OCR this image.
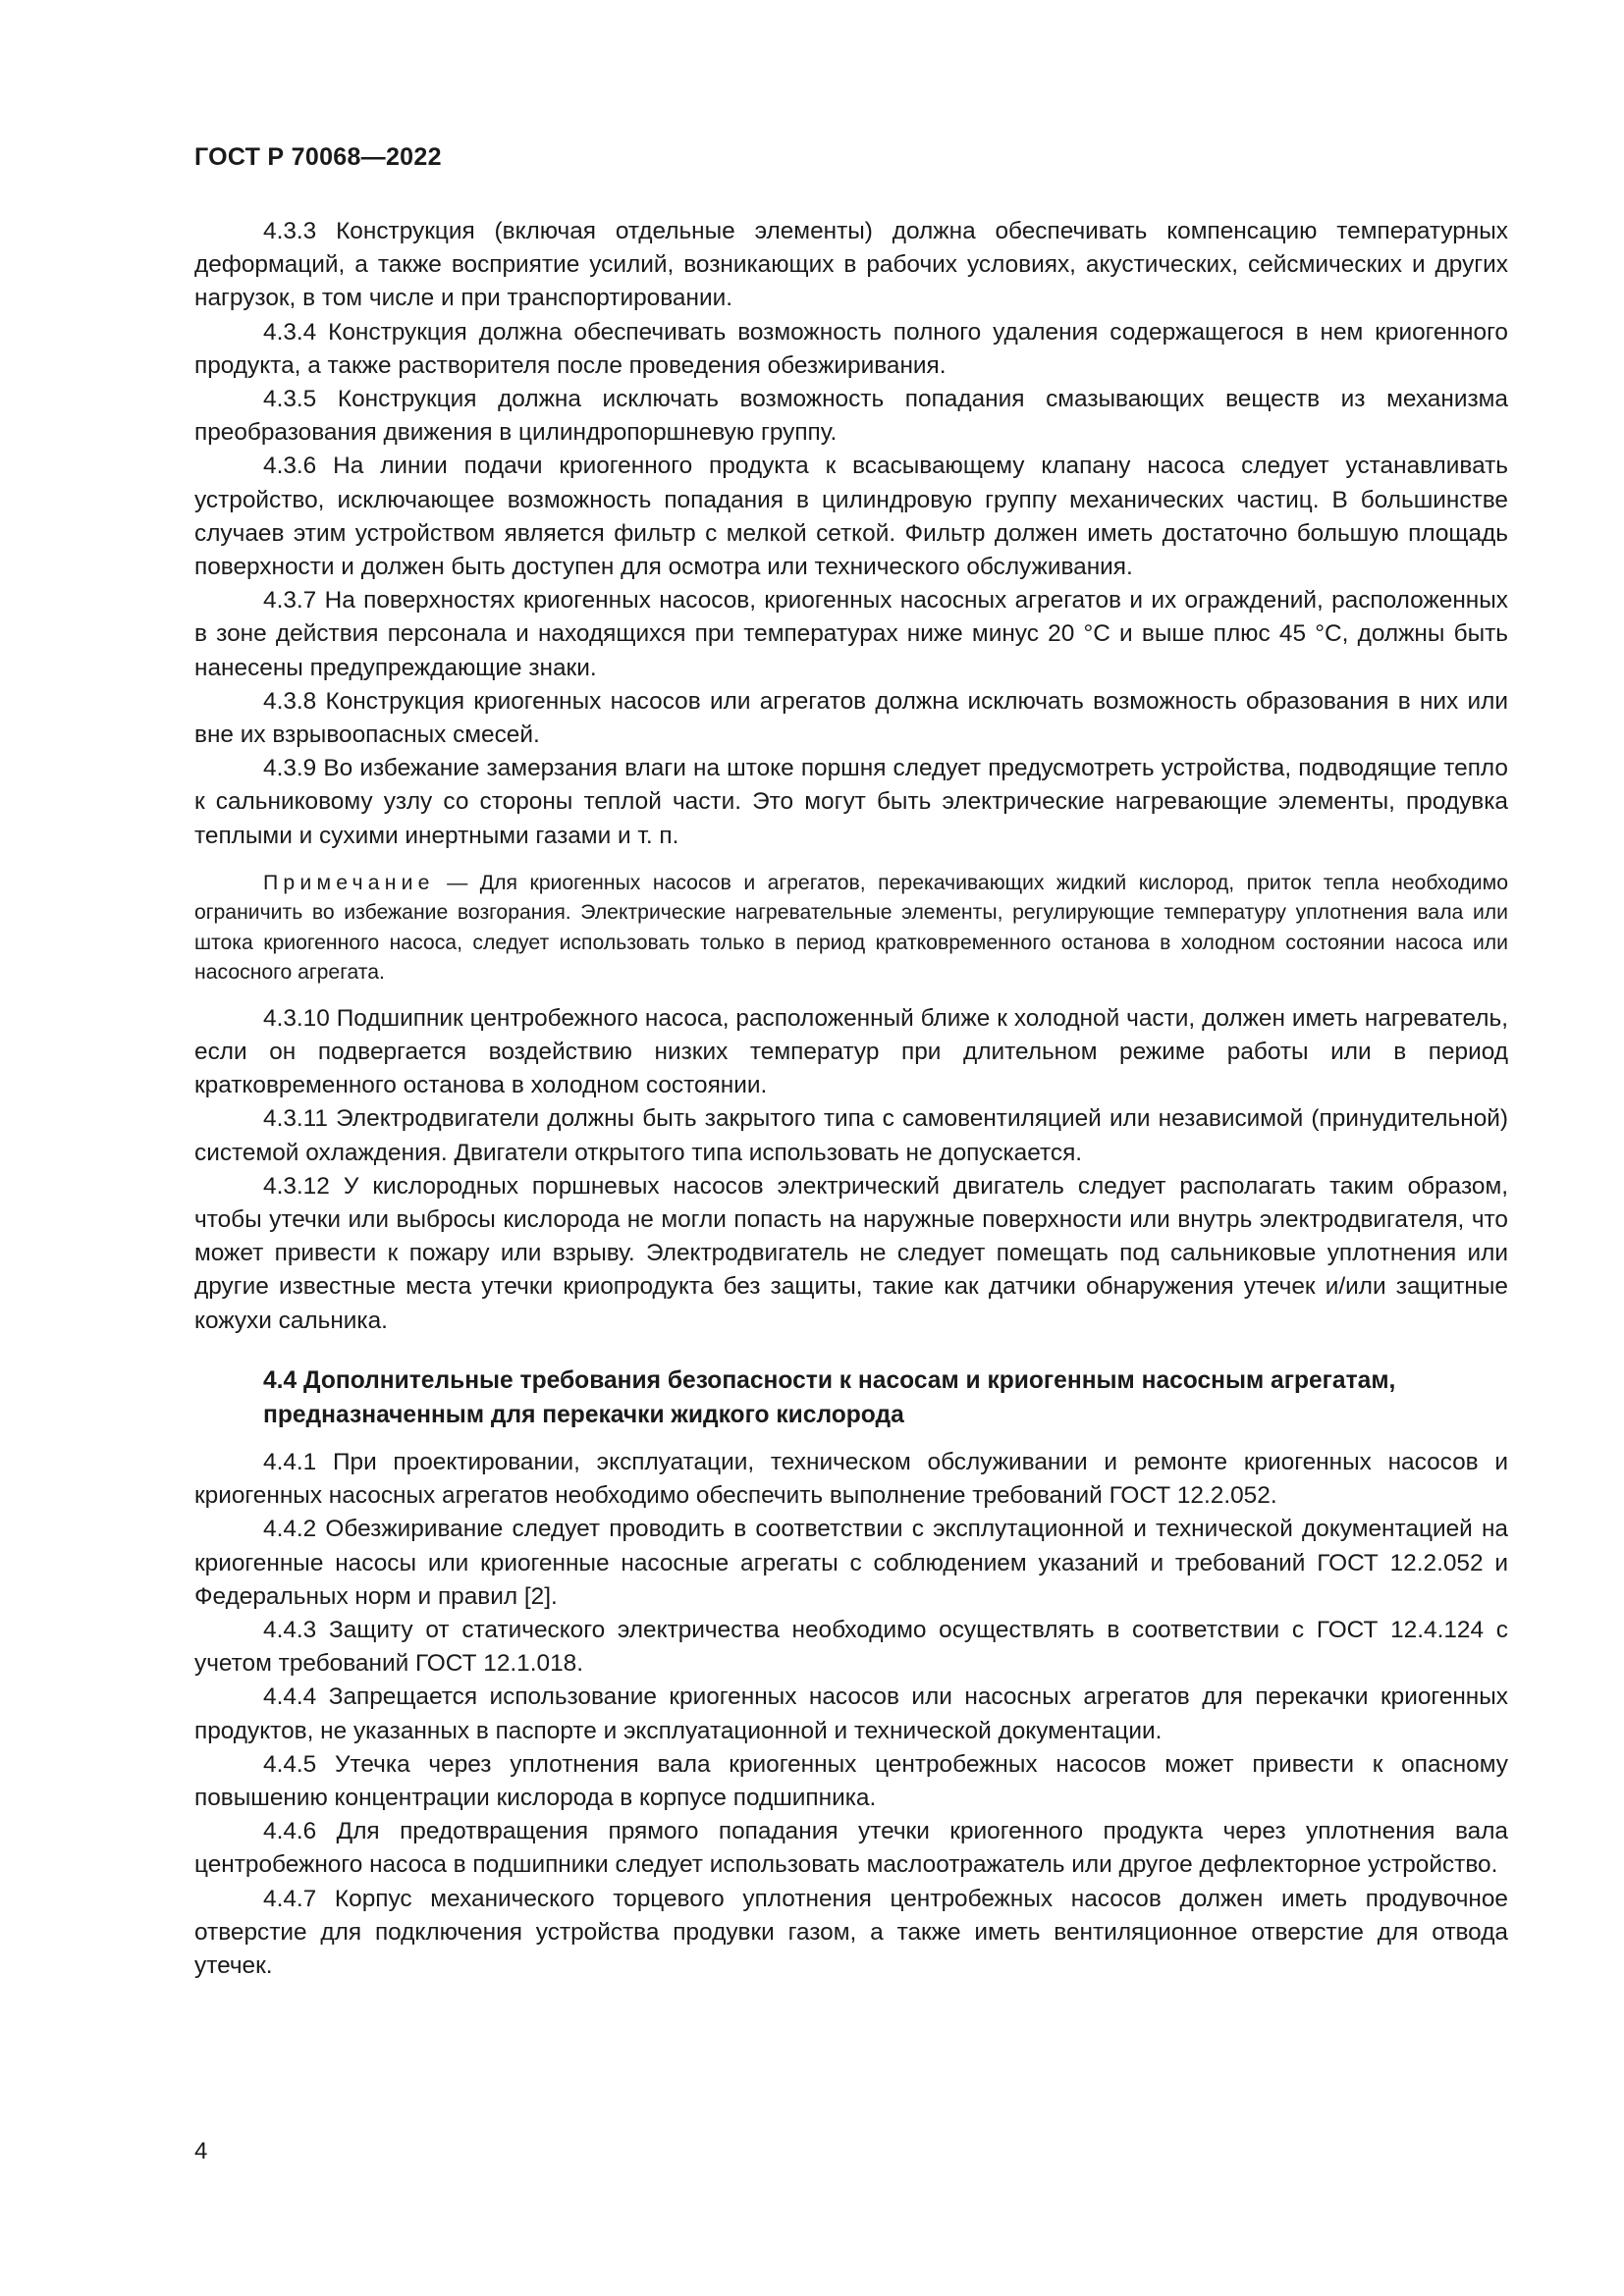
ГОСТ Р 70068—2022

4.3.3 Конструкция (включая отдельные элементы) должна обеспечивать компенсацию температурных деформаций, а также восприятие усилий, возникающих в рабочих условиях, акустических, сейсмических и других нагрузок, в том числе и при транспортировании.

4.3.4 Конструкция должна обеспечивать возможность полного удаления содержащегося в нем криогенного продукта, а также растворителя после проведения обезжиривания.

4.3.5 Конструкция должна исключать возможность попадания смазывающих веществ из механизма преобразования движения в цилиндропоршневую группу.

4.3.6 На линии подачи криогенного продукта к всасывающему клапану насоса следует устанавливать устройство, исключающее возможность попадания в цилиндровую группу механических частиц. В большинстве случаев этим устройством является фильтр с мелкой сеткой. Фильтр должен иметь достаточно большую площадь поверхности и должен быть доступен для осмотра или технического обслуживания.

4.3.7 На поверхностях криогенных насосов, криогенных насосных агрегатов и их ограждений, расположенных в зоне действия персонала и находящихся при температурах ниже минус 20 °С и выше плюс 45 °С, должны быть нанесены предупреждающие знаки.

4.3.8 Конструкция криогенных насосов или агрегатов должна исключать возможность образования в них или вне их взрывоопасных смесей.

4.3.9 Во избежание замерзания влаги на штоке поршня следует предусмотреть устройства, подводящие тепло к сальниковому узлу со стороны теплой части. Это могут быть электрические нагревающие элементы, продувка теплыми и сухими инертными газами и т. п.

Примечание — Для криогенных насосов и агрегатов, перекачивающих жидкий кислород, приток тепла необходимо ограничить во избежание возгорания. Электрические нагревательные элементы, регулирующие температуру уплотнения вала или штока криогенного насоса, следует использовать только в период кратковременного останова в холодном состоянии насоса или насосного агрегата.

4.3.10 Подшипник центробежного насоса, расположенный ближе к холодной части, должен иметь нагреватель, если он подвергается воздействию низких температур при длительном режиме работы или в период кратковременного останова в холодном состоянии.

4.3.11 Электродвигатели должны быть закрытого типа с самовентиляцией или независимой (принудительной) системой охлаждения. Двигатели открытого типа использовать не допускается.

4.3.12 У кислородных поршневых насосов электрический двигатель следует располагать таким образом, чтобы утечки или выбросы кислорода не могли попасть на наружные поверхности или внутрь электродвигателя, что может привести к пожару или взрыву. Электродвигатель не следует помещать под сальниковые уплотнения или другие известные места утечки криопродукта без защиты, такие как датчики обнаружения утечек и/или защитные кожухи сальника.

4.4 Дополнительные требования безопасности к насосам и криогенным насосным агрегатам, предназначенным для перекачки жидкого кислорода

4.4.1 При проектировании, эксплуатации, техническом обслуживании и ремонте криогенных насосов и криогенных насосных агрегатов необходимо обеспечить выполнение требований ГОСТ 12.2.052.

4.4.2 Обезжиривание следует проводить в соответствии с эксплутационной и технической документацией на криогенные насосы или криогенные насосные агрегаты с соблюдением указаний и требований ГОСТ 12.2.052 и Федеральных норм и правил [2].

4.4.3 Защиту от статического электричества необходимо осуществлять в соответствии с ГОСТ 12.4.124 с учетом требований ГОСТ 12.1.018.

4.4.4 Запрещается использование криогенных насосов или насосных агрегатов для перекачки криогенных продуктов, не указанных в паспорте и эксплуатационной и технической документации.

4.4.5 Утечка через уплотнения вала криогенных центробежных насосов может привести к опасному повышению концентрации кислорода в корпусе подшипника.

4.4.6 Для предотвращения прямого попадания утечки криогенного продукта через уплотнения вала центробежного насоса в подшипники следует использовать маслоотражатель или другое дефлекторное устройство.

4.4.7 Корпус механического торцевого уплотнения центробежных насосов должен иметь продувочное отверстие для подключения устройства продувки газом, а также иметь вентиляционное отверстие для отвода утечек.

4
